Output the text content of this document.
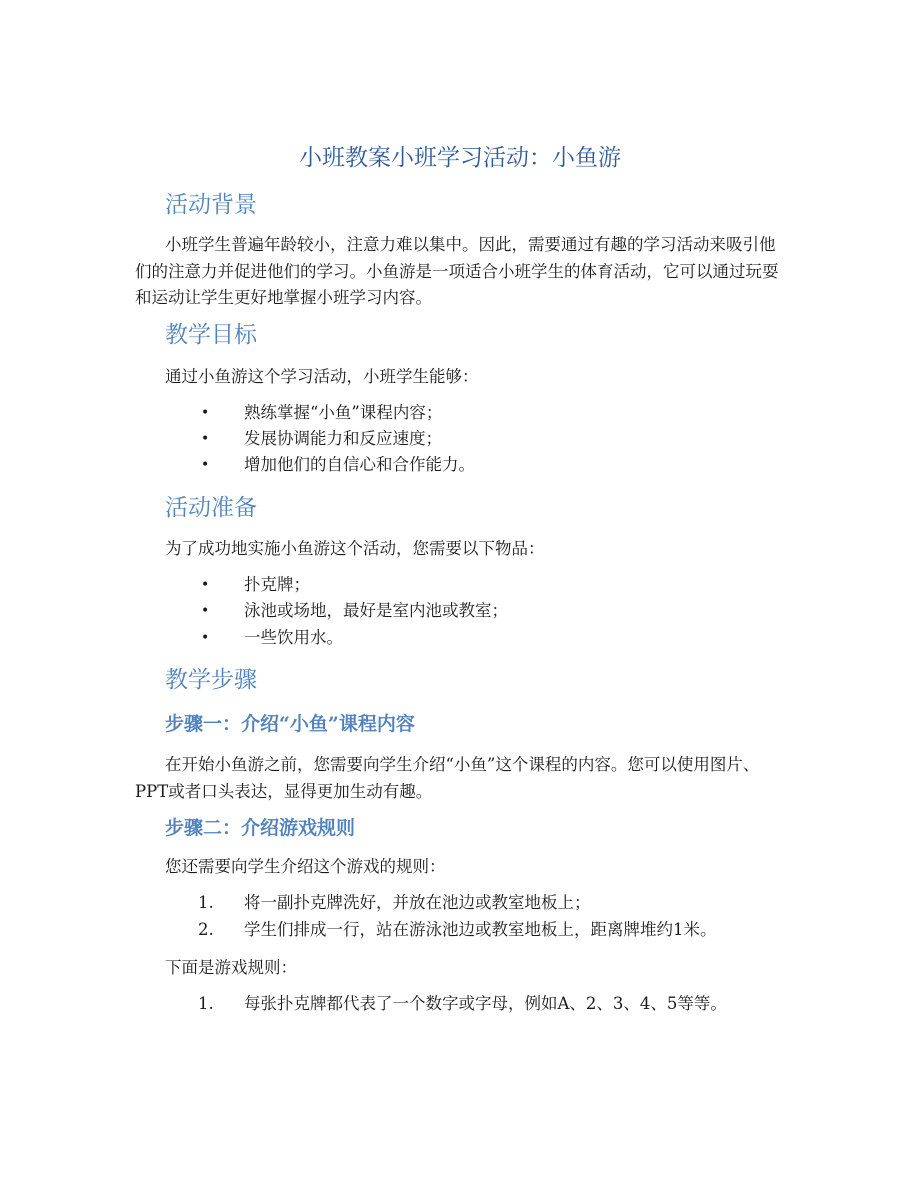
小班教案小班学习活动：小鱼游
活动背景

小班学生普遍年龄较小，注意力难以集中。因此，需要通过有趣的学习活动来吸引他们的注意力并促进他们的学习。小鱼游是一项适合小班学生的体育活动，它可以通过玩耍和运动让学生更好地掌握小班学习内容。

教学目标
通过小鱼游这个学习活动，小班学生能够：
•	熟练掌握“小鱼”课程内容；
•	发展协调能力和反应速度；
•	增加他们的自信心和合作能力。
活动准备
为了成功地实施小鱼游这个活动，您需要以下物品：
•	扑克牌；
•	泳池或场地，最好是室内池或教室；
•	一些饮用水。
教学步骤
步骤一：介绍“小鱼”课程内容

在开始小鱼游之前，您需要向学生介绍“小鱼”这个课程的内容。您可以使用图片、PPT或者口头表达，显得更加生动有趣。

步骤二：介绍游戏规则
您还需要向学生介绍这个游戏的规则：
1. 将一副扑克牌洗好，并放在池边或教室地板上；
2. 学生们排成一行，站在游泳池边或教室地板上，距离牌堆约1米。
下面是游戏规则：
1. 每张扑克牌都代表了一个数字或字母，例如A、2、3、4、5等等。
